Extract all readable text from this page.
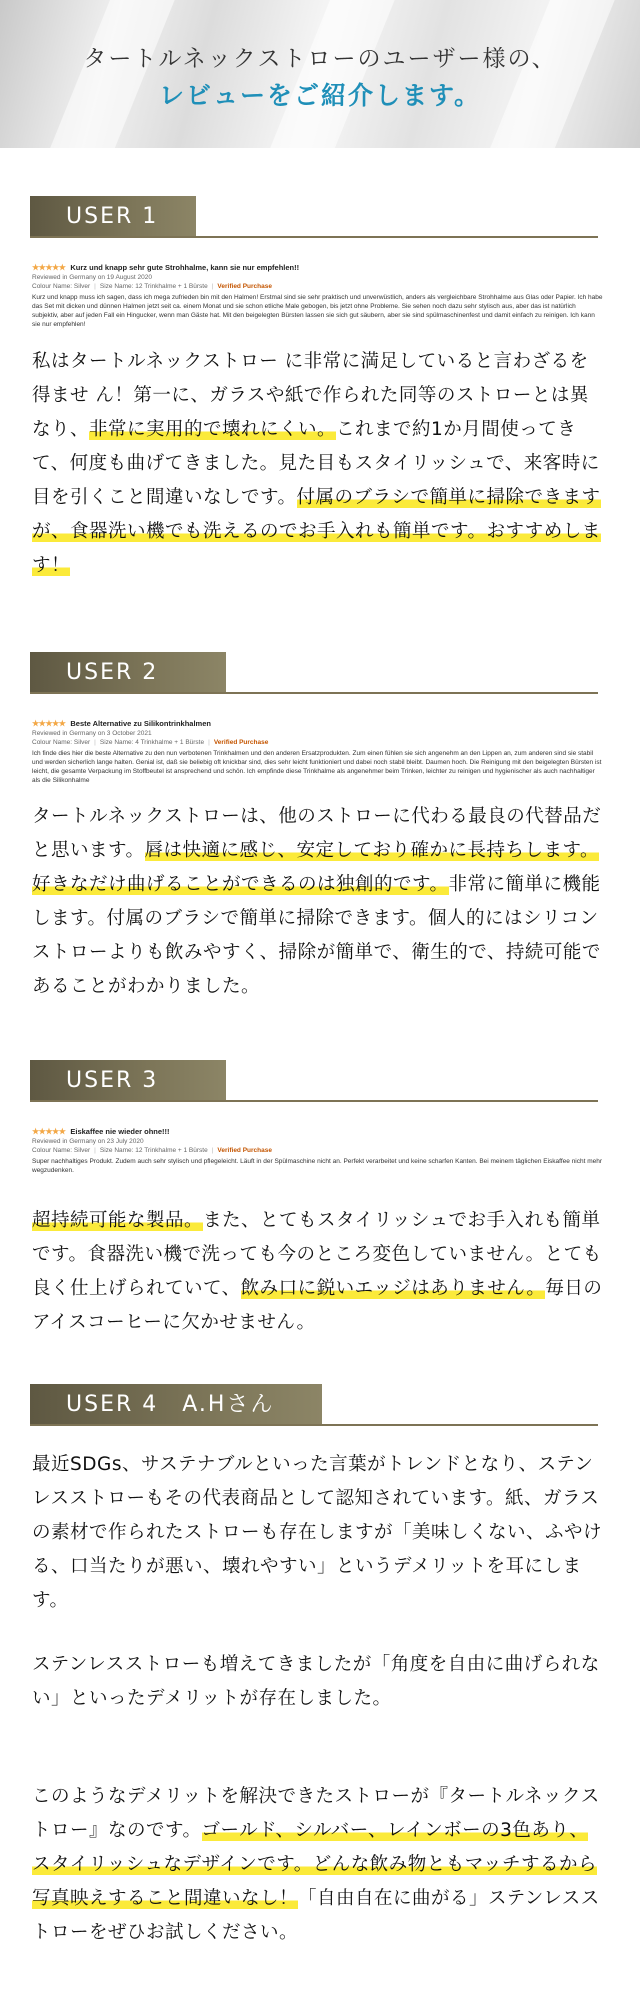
タートルネックストローのユーザー様の、
レビューをご紹介します。
USER 1
★★★★★ Kurz und knapp sehr gute Strohhalme, kann sie nur empfehlen!!
Reviewed in Germany on 19 August 2020
Colour Name: Silver | Size Name: 12 Trinkhalme + 1 Bürste | Verified Purchase
Kurz und knapp muss ich sagen, dass ich mega zufrieden bin mit den Halmen! Erstmal sind sie sehr praktisch und unverwüstlich, anders als vergleichbare Strohhalme aus Glas oder Papier. Ich habe das Set mit dicken und dünnen Halmen jetzt seit ca. einem Monat und sie schon etliche Male gebogen, bis jetzt ohne Probleme. Sie sehen noch dazu sehr stylisch aus, aber das ist natürlich subjektiv, aber auf jeden Fall ein Hingucker, wenn man Gäste hat. Mit den beigelegten Bürsten lassen sie sich gut säubern, aber sie sind spülmaschinenfest und damit einfach zu reinigen. Ich kann sie nur empfehlen!
私はタートルネックストロー に非常に満足していると言わざるを得ませ ん！第一に、ガラスや紙で作られた同等のストローとは異なり、非常に実用的で壊れにくい。これまで約1か月間使ってきて、何度も曲げてきました。見た目もスタイリッシュで、来客時に目を引くこと間違いなしです。付属のブラシで簡単に掃除できますが、食器洗い機でも洗えるのでお手入れも簡単です。おすすめします！
USER 2
★★★★★ Beste Alternative zu Silikontrinkhalmen
Reviewed in Germany on 3 October 2021
Colour Name: Silver | Size Name: 4 Trinkhalme + 1 Bürste | Verified Purchase
Ich finde dies hier die beste Alternative zu den nun verbotenen Trinkhalmen und den anderen Ersatzprodukten. Zum einen fühlen sie sich angenehm an den Lippen an, zum anderen sind sie stabil und werden sicherlich lange halten. Genial ist, daß sie beliebig oft knickbar sind, dies sehr leicht funktioniert und dabei noch stabil bleibt. Daumen hoch. Die Reinigung mit den beigelegten Bürsten ist leicht, die gesamte Verpackung im Stoffbeutel ist ansprechend und schön. Ich empfinde diese Trinkhalme als angenehmer beim Trinken, leichter zu reinigen und hygienischer als auch nachhaltiger als die Silikonhalme
タートルネックストローは、他のストローに代わる最良の代替品だと思います。唇は快適に感じ、安定しており確かに長持ちします。好きなだけ曲げることができるのは独創的です。非常に簡単に機能します。付属のブラシで簡単に掃除できます。個人的にはシリコンストローよりも飲みやすく、掃除が簡単で、衛生的で、持続可能であることがわかりました。
USER 3
★★★★★ Eiskaffee nie wieder ohne!!!
Reviewed in Germany on 23 July 2020
Colour Name: Silver | Size Name: 12 Trinkhalme + 1 Bürste | Verified Purchase
Super nachhaltiges Produkt. Zudem auch sehr stylisch und pflegeleicht. Läuft in der Spülmaschine nicht an. Perfekt verarbeitet und keine scharfen Kanten. Bei meinem täglichen Eiskaffee nicht mehr wegzudenken.
超持続可能な製品。また、とてもスタイリッシュでお手入れも簡単です。食器洗い機で洗っても今のところ変色していません。とても良く仕上げられていて、飲み口に鋭いエッジはありません。毎日のアイスコーヒーに欠かせません。
USER 4　A.Hさん
最近SDGs、サステナブルといった言葉がトレンドとなり、ステンレスストローもその代表商品として認知されています。紙、ガラスの素材で作られたストローも存在しますが「美味しくない、ふやける、口当たりが悪い、壊れやすい」というデメリットを耳にします。
ステンレスストローも増えてきましたが「角度を自由に曲げられない」といったデメリットが存在しました。
このようなデメリットを解決できたストローが『タートルネックストロー』なのです。ゴールド、シルバー、レインボーの3色あり、スタイリッシュなデザインです。どんな飲み物ともマッチするから写真映えすること間違いなし！「自由自在に曲がる」ステンレスストローをぜひお試しください。
